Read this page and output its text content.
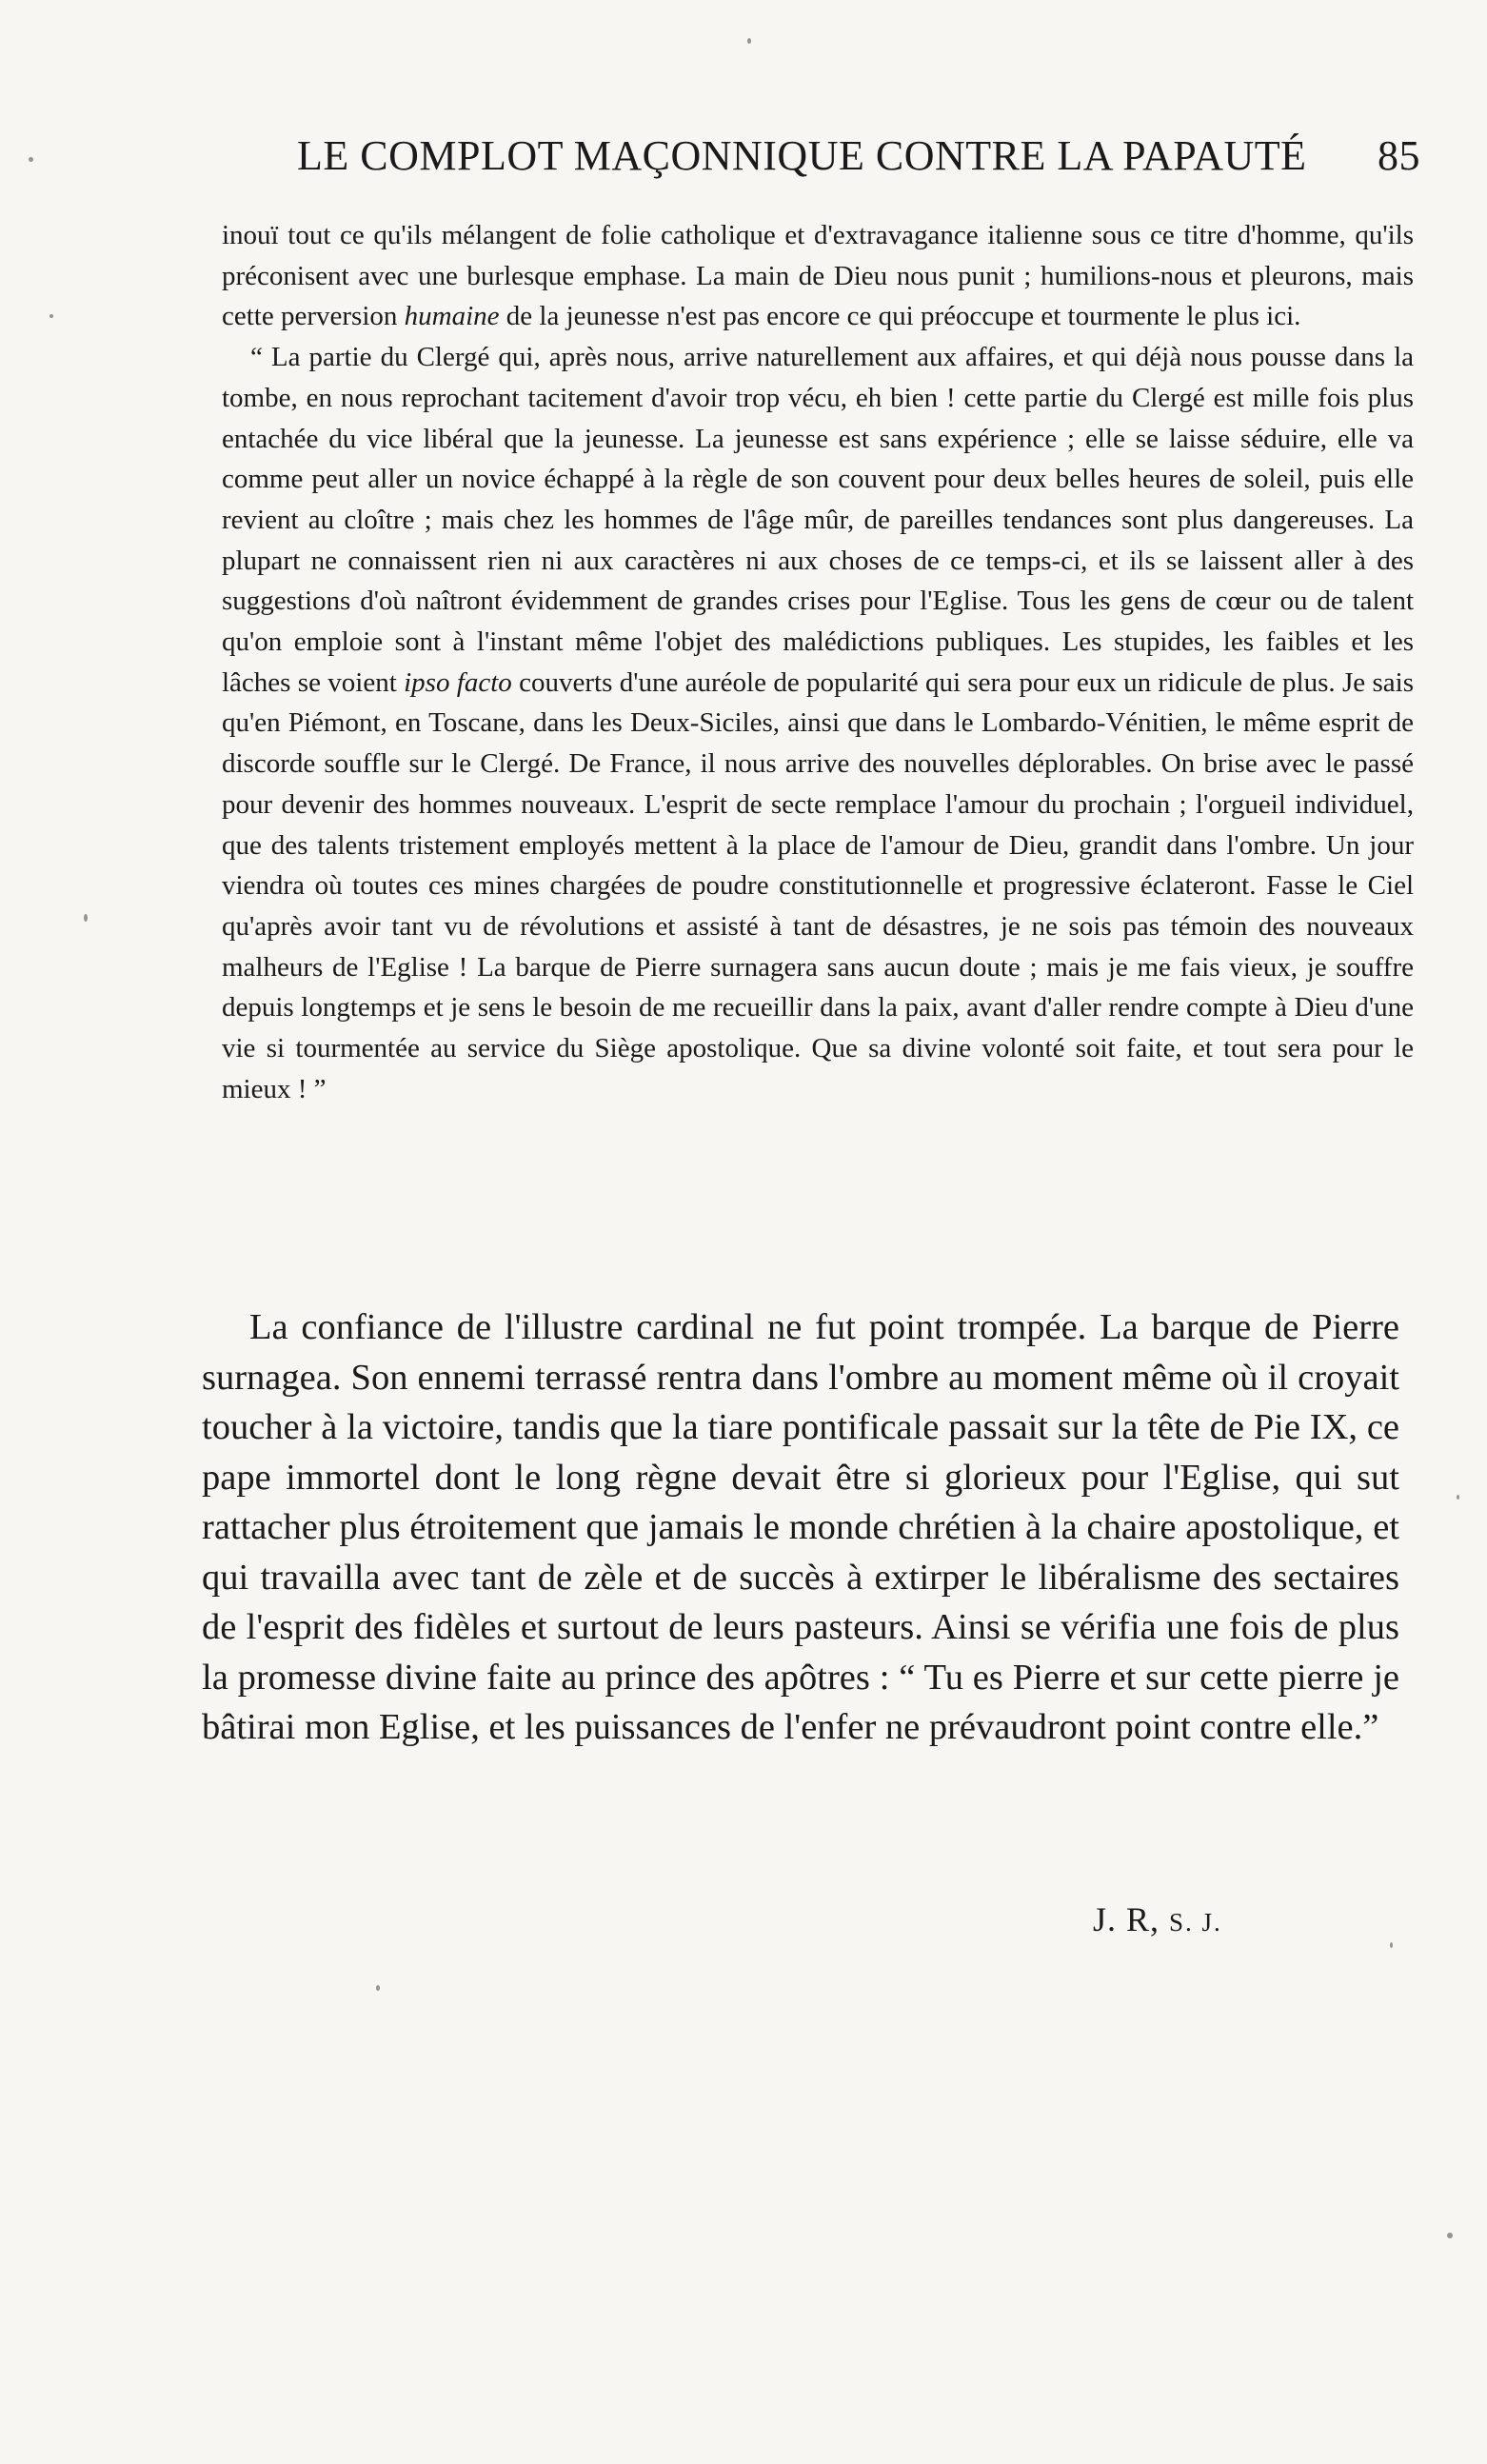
LE COMPLOT MAÇONNIQUE CONTRE LA PAPAUTÉ 85

inouï tout ce qu'ils mélangent de folie catholique et d'extravagance italienne sous ce titre d'homme, qu'ils préconisent avec une burlesque emphase. La main de Dieu nous punit ; humilions-nous et pleurons, mais cette perversion humaine de la jeunesse n'est pas encore ce qui préoccupe et tourmente le plus ici.

“ La partie du Clergé qui, après nous, arrive naturellement aux affaires, et qui déjà nous pousse dans la tombe, en nous reprochant tacitement d'avoir trop vécu, eh bien ! cette partie du Clergé est mille fois plus entachée du vice libéral que la jeunesse. La jeunesse est sans expérience ; elle se laisse séduire, elle va comme peut aller un novice échappé à la règle de son couvent pour deux belles heures de soleil, puis elle revient au cloître ; mais chez les hommes de l'âge mûr, de pareilles tendances sont plus dangereuses. La plupart ne connaissent rien ni aux caractères ni aux choses de ce temps-ci, et ils se laissent aller à des suggestions d'où naîtront évidemment de grandes crises pour l'Eglise. Tous les gens de cœur ou de talent qu'on emploie sont à l'instant même l'objet des malédictions publiques. Les stupides, les faibles et les lâches se voient ipso facto couverts d'une auréole de popularité qui sera pour eux un ridicule de plus. Je sais qu'en Piémont, en Toscane, dans les Deux-Siciles, ainsi que dans le Lombardo-Vénitien, le même esprit de discorde souffle sur le Clergé. De France, il nous arrive des nouvelles déplorables. On brise avec le passé pour devenir des hommes nouveaux. L'esprit de secte remplace l'amour du prochain ; l'orgueil individuel, que des talents tristement employés mettent à la place de l'amour de Dieu, grandit dans l'ombre. Un jour viendra où toutes ces mines chargées de poudre constitutionnelle et progressive éclateront. Fasse le Ciel qu'après avoir tant vu de révolutions et assisté à tant de désastres, je ne sois pas témoin des nouveaux malheurs de l'Eglise ! La barque de Pierre surnagera sans aucun doute ; mais je me fais vieux, je souffre depuis longtemps et je sens le besoin de me recueillir dans la paix, avant d'aller rendre compte à Dieu d'une vie si tourmentée au service du Siège apostolique. Que sa divine volonté soit faite, et tout sera pour le mieux ! ”

La confiance de l'illustre cardinal ne fut point trompée. La barque de Pierre surnagea. Son ennemi terrassé rentra dans l'ombre au moment même où il croyait toucher à la victoire, tandis que la tiare pontificale passait sur la tête de Pie IX, ce pape immortel dont le long règne devait être si glorieux pour l'Eglise, qui sut rattacher plus étroitement que jamais le monde chrétien à la chaire apostolique, et qui travailla avec tant de zèle et de succès à extirper le libéralisme des sectaires de l'esprit des fidèles et surtout de leurs pasteurs. Ainsi se vérifia une fois de plus la promesse divine faite au prince des apôtres : “ Tu es Pierre et sur cette pierre je bâtirai mon Eglise, et les puissances de l'enfer ne prévaudront point contre elle.”

J. R, S. J.
